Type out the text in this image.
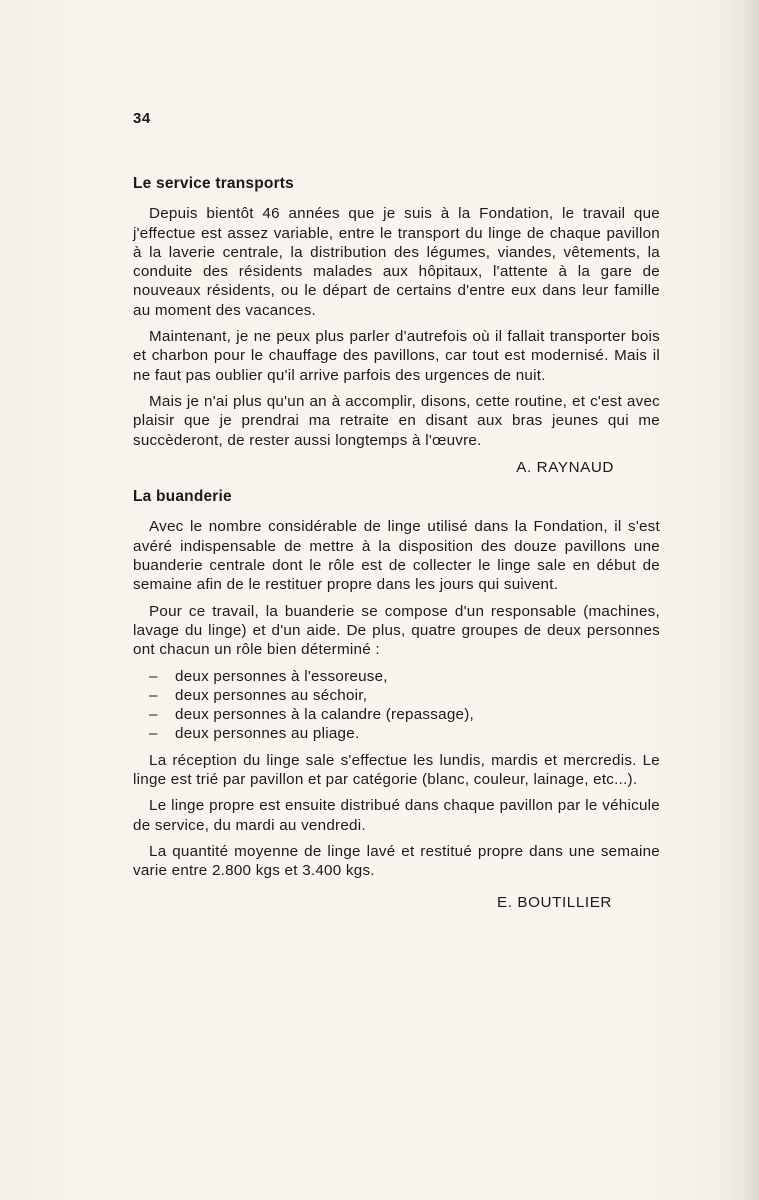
34
Le service transports

Depuis bientôt 46 années que je suis à la Fondation, le travail que j'effectue est assez variable, entre le transport du linge de chaque pavillon à la laverie centrale, la distribution des légumes, viandes, vêtements, la conduite des résidents malades aux hôpitaux, l'attente à la gare de nouveaux résidents, ou le départ de certains d'entre eux dans leur famille au moment des vacances.

Maintenant, je ne peux plus parler d'autrefois où il fallait transporter bois et charbon pour le chauffage des pavillons, car tout est modernisé. Mais il ne faut pas oublier qu'il arrive parfois des urgences de nuit.

Mais je n'ai plus qu'un an à accomplir, disons, cette routine, et c'est avec plaisir que je prendrai ma retraite en disant aux bras jeunes qui me succèderont, de rester aussi longtemps à l'œuvre.

A. RAYNAUD
La buanderie

Avec le nombre considérable de linge utilisé dans la Fondation, il s'est avéré indispensable de mettre à la disposition des douze pavillons une buanderie centrale dont le rôle est de collecter le linge sale en début de semaine afin de le restituer propre dans les jours qui suivent.

Pour ce travail, la buanderie se compose d'un responsable (machines, lavage du linge) et d'un aide. De plus, quatre groupes de deux personnes ont chacun un rôle bien déterminé :

– deux personnes à l'essoreuse,
– deux personnes au séchoir,
– deux personnes à la calandre (repassage),
– deux personnes au pliage.

La réception du linge sale s'effectue les lundis, mardis et mercredis. Le linge est trié par pavillon et par catégorie (blanc, couleur, lainage, etc...).

Le linge propre est ensuite distribué dans chaque pavillon par le véhicule de service, du mardi au vendredi.

La quantité moyenne de linge lavé et restitué propre dans une semaine varie entre 2.800 kgs et 3.400 kgs.

E. BOUTILLIER
